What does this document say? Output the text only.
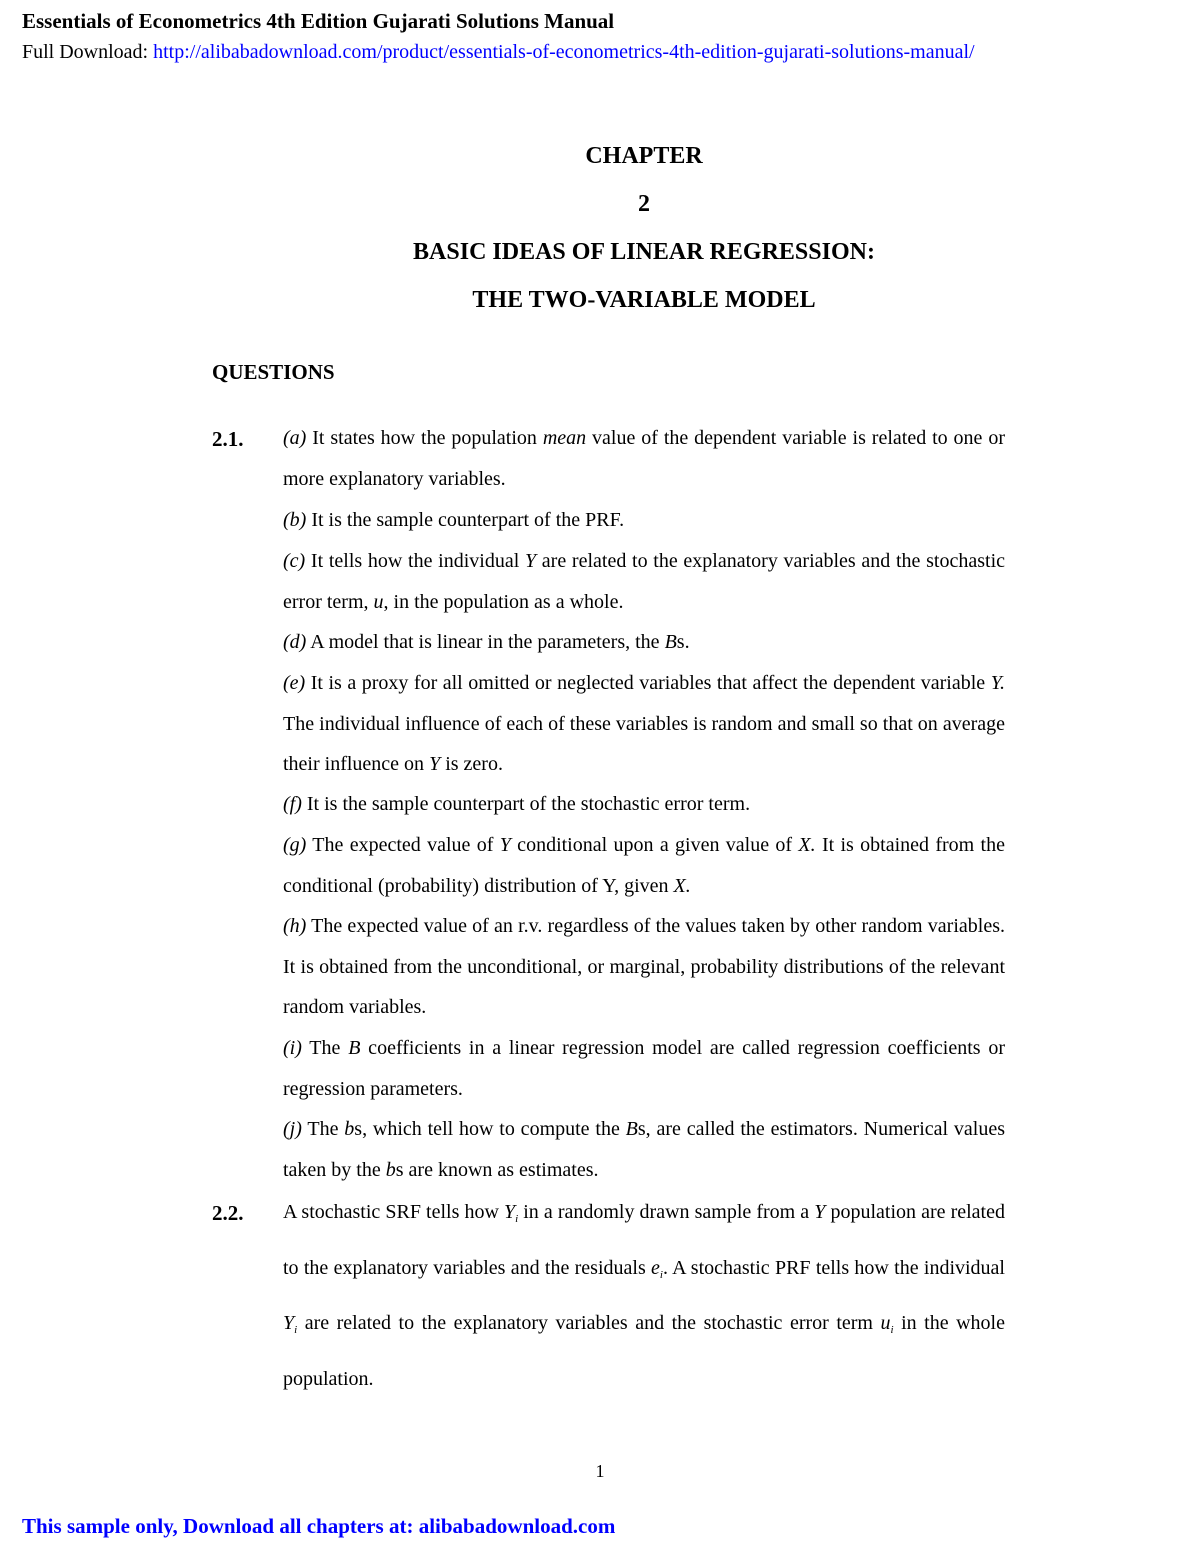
Essentials of Econometrics 4th Edition Gujarati Solutions Manual
Full Download: http://alibabadownload.com/product/essentials-of-econometrics-4th-edition-gujarati-solutions-manual/
CHAPTER
2
BASIC IDEAS OF LINEAR REGRESSION:
THE TWO-VARIABLE MODEL
QUESTIONS
2.1. (a) It states how the population mean value of the dependent variable is related to one or more explanatory variables.
(b) It is the sample counterpart of the PRF.
(c) It tells how the individual Y are related to the explanatory variables and the stochastic error term, u, in the population as a whole.
(d) A model that is linear in the parameters, the Bs.
(e) It is a proxy for all omitted or neglected variables that affect the dependent variable Y. The individual influence of each of these variables is random and small so that on average their influence on Y is zero.
(f) It is the sample counterpart of the stochastic error term.
(g) The expected value of Y conditional upon a given value of X. It is obtained from the conditional (probability) distribution of Y, given X.
(h) The expected value of an r.v. regardless of the values taken by other random variables. It is obtained from the unconditional, or marginal, probability distributions of the relevant random variables.
(i) The B coefficients in a linear regression model are called regression coefficients or regression parameters.
(j) The bs, which tell how to compute the Bs, are called the estimators. Numerical values taken by the bs are known as estimates.
2.2. A stochastic SRF tells how $Y_i$ in a randomly drawn sample from a Y population are related to the explanatory variables and the residuals $e_i$. A stochastic PRF tells how the individual $Y_i$ are related to the explanatory variables and the stochastic error term $u_i$ in the whole population.
1
This sample only, Download all chapters at: alibabadownload.com
